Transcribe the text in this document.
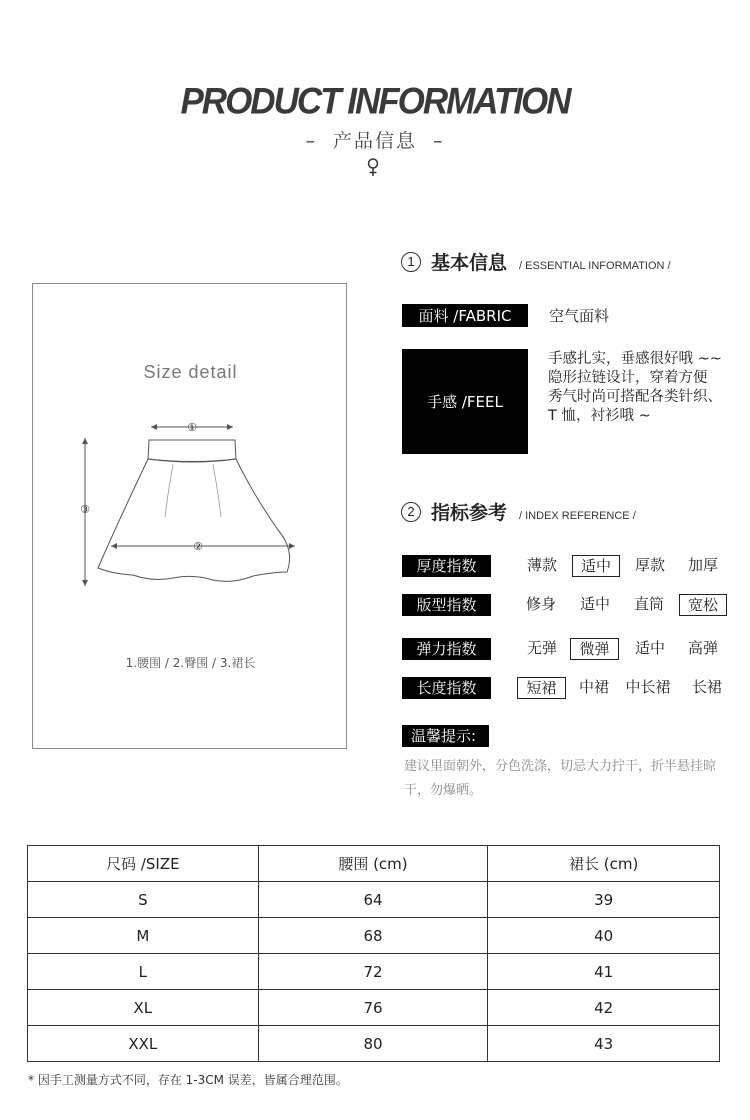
PRODUCT INFORMATION
– 产品信息 –
Size detail
①
②
③
1.腰围 / 2.臀围 / 3.裙长
1 基本信息 / ESSENTIAL INFORMATION /
面料 /FABRIC	空气面料
手感 /FEEL
手感扎实，垂感很好哦 ~~
隐形拉链设计，穿着方便
秀气时尚可搭配各类针织、
T 恤，衬衫哦 ~
2 指标参考 / INDEX REFERENCE /
厚度指数	薄款	适中	厚款	加厚
版型指数	修身	适中	直筒	宽松
弹力指数	无弹	微弹	适中	高弹
长度指数	短裙	中裙	中长裙	长裙
温馨提示:
建议里面朝外，分色洗涤，切忌大力拧干，折半悬挂晾干，勿爆晒。
尺码 /SIZE	腰围 (cm)	裙长 (cm)
S	64	39
M	68	40
L	72	41
XL	76	42
XXL	80	43
* 因手工测量方式不同，存在 1-3CM 误差，皆属合理范围。
